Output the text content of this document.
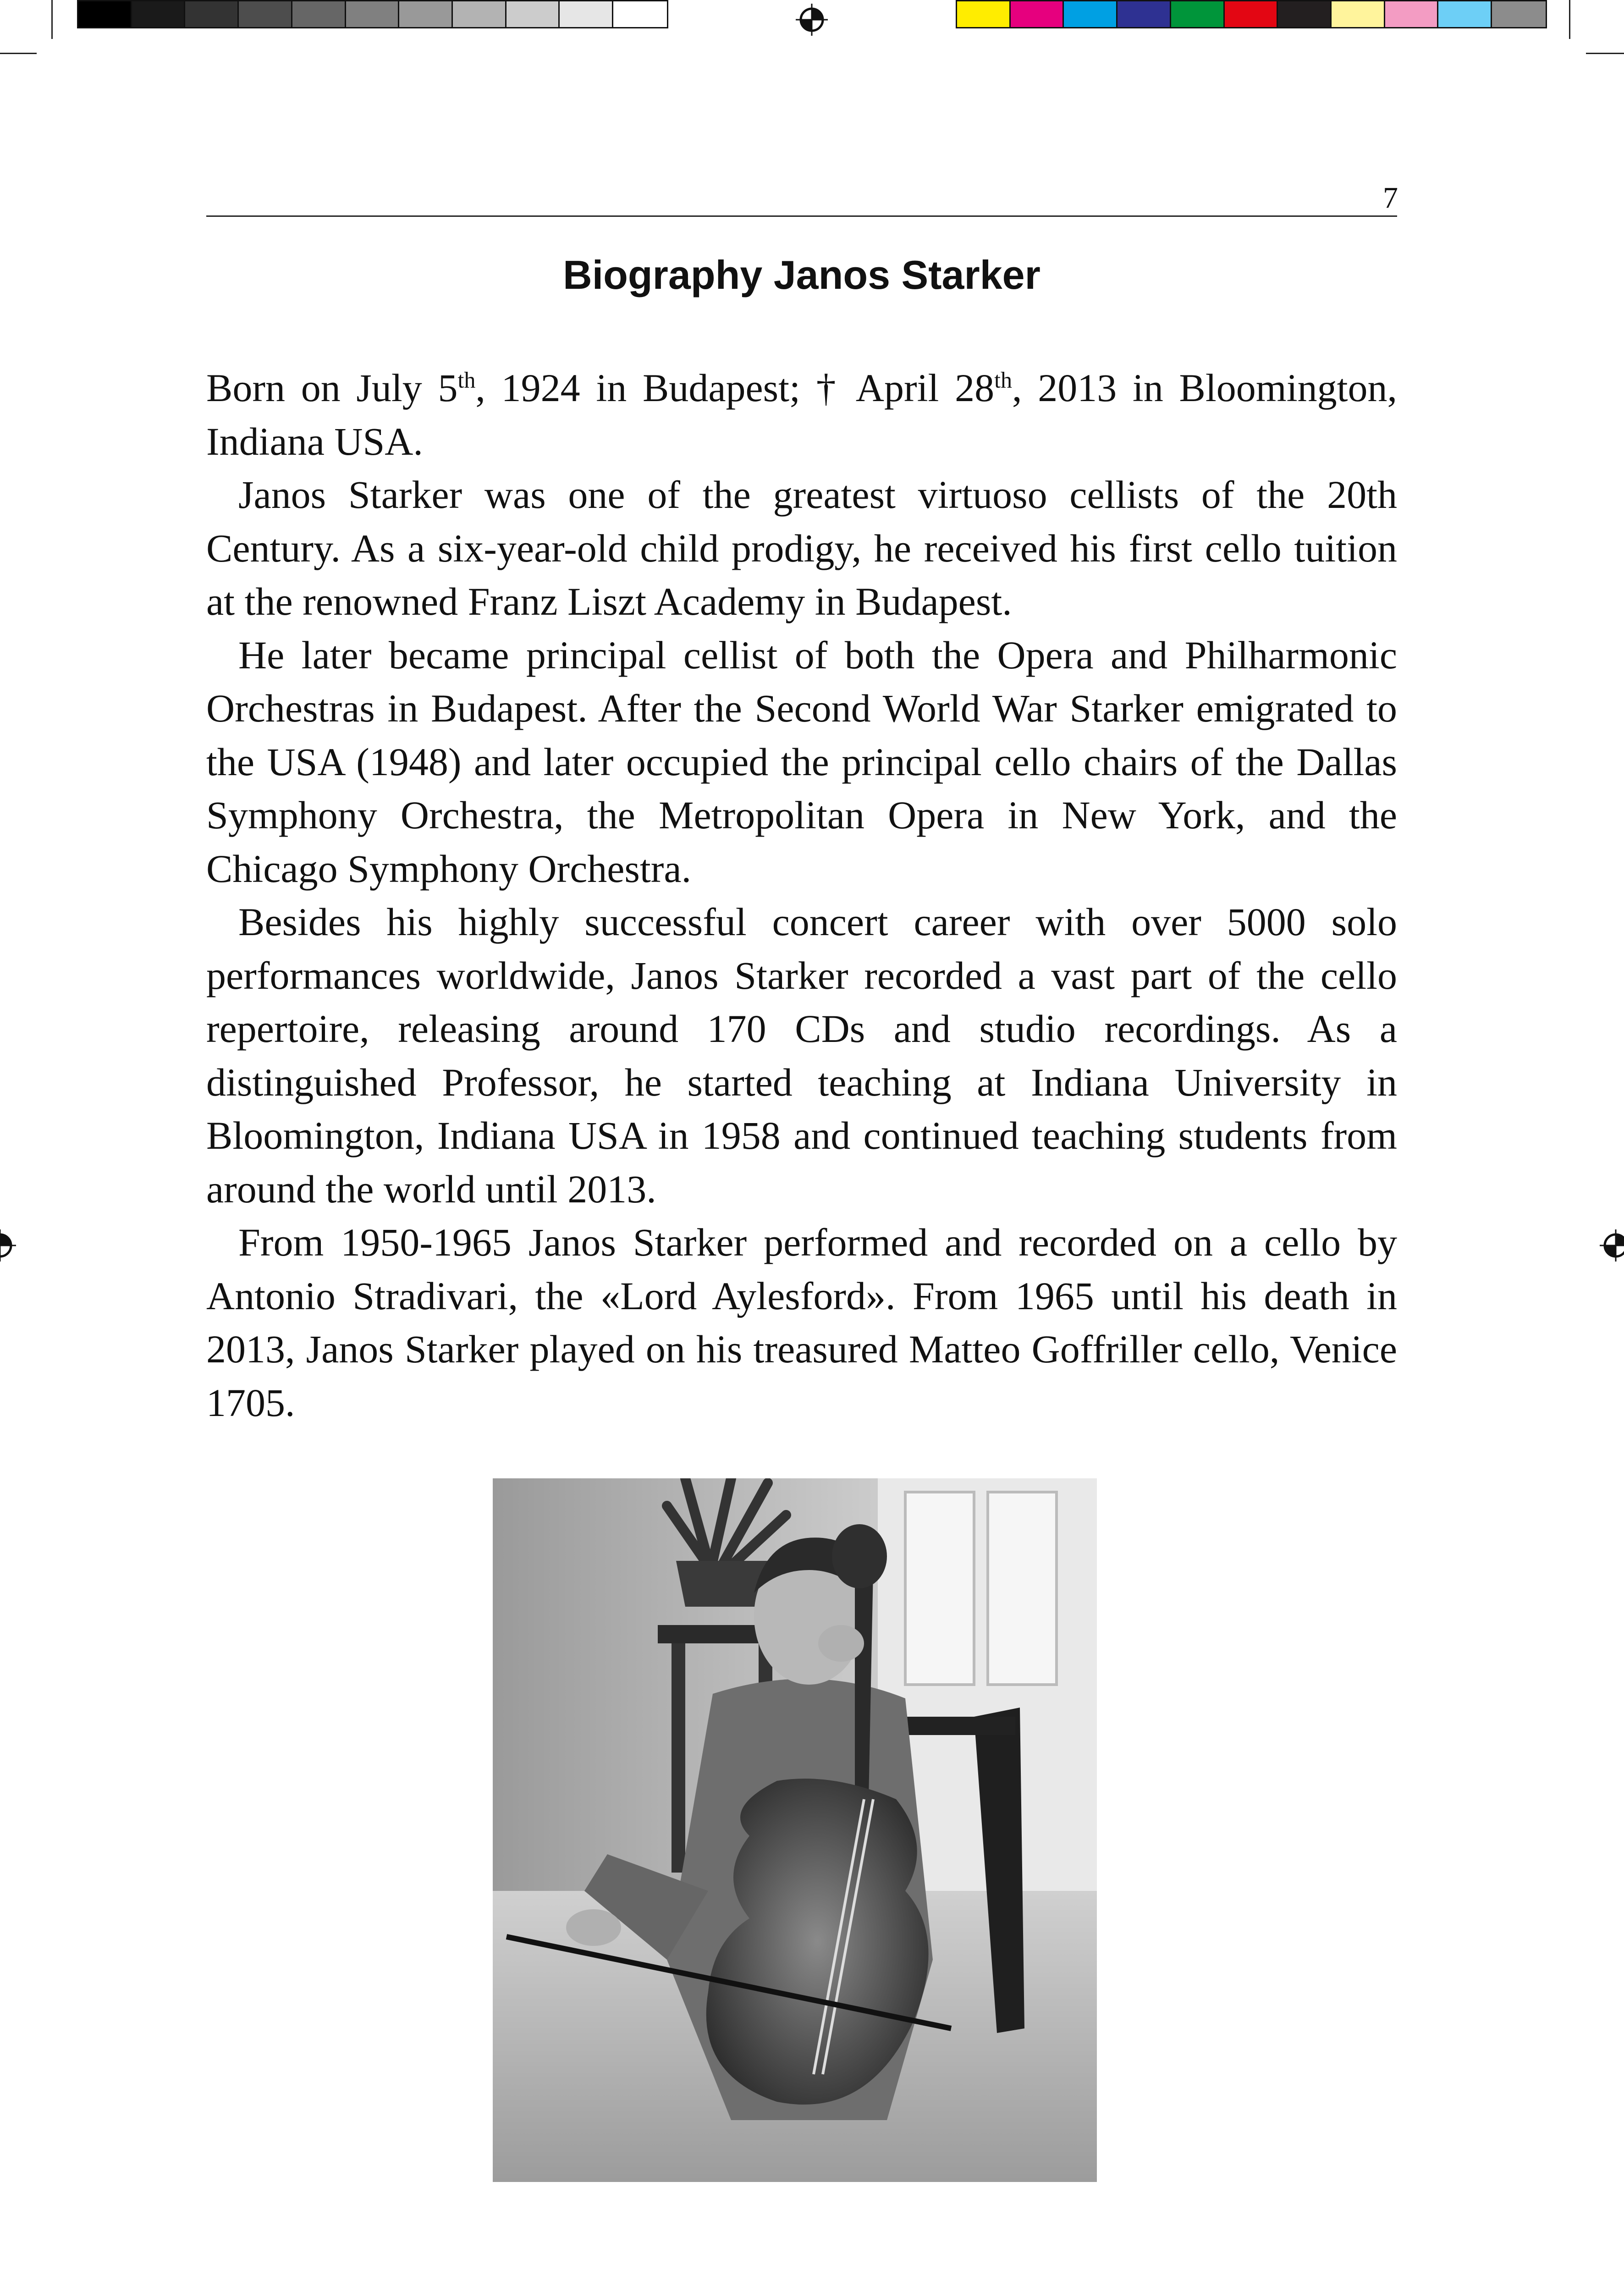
7
Biography Janos Starker

Born on July 5th, 1924 in Budapest; † April 28th, 2013 in Bloomington, Indiana USA.

Janos Starker was one of the greatest virtuoso cellists of the 20th Century. As a six-year-old child prodigy, he received his first cello tuition at the renowned Franz Liszt Academy in Budapest.

He later became principal cellist of both the Opera and Philharmonic Orchestras in Budapest. After the Second World War Starker emigrated to the USA (1948) and later occupied the principal cello chairs of the Dallas Symphony Orchestra, the Metropolitan Opera in New York, and the Chicago Symphony Orchestra.

Besides his highly successful concert career with over 5000 solo performances worldwide, Janos Starker recorded a vast part of the cello repertoire, releasing around 170 CDs and studio recordings. As a distinguished Professor, he started teaching at Indiana University in Bloomington, Indiana USA in 1958 and continued teaching students from around the world until 2013.

From 1950-1965 Janos Starker performed and recorded on a cello by Antonio Stradivari, the «Lord Aylesford». From 1965 until his death in 2013, Janos Starker played on his treasured Matteo Goffriller cello, Venice 1705.
